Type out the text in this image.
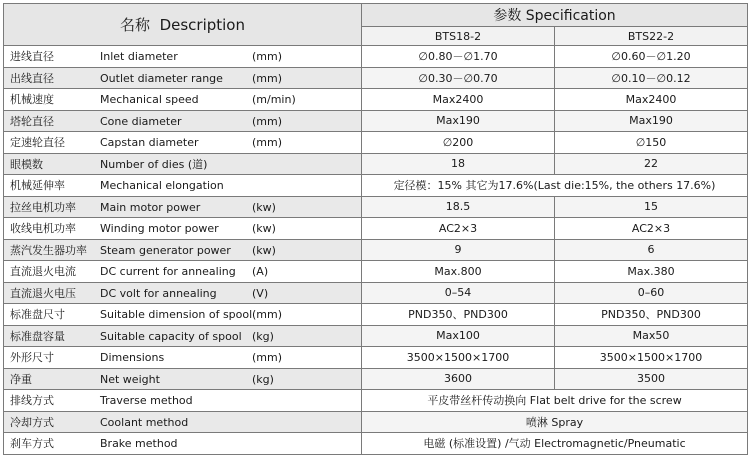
名称 Description	参数 Specification	
	BTS18-2	BTS22-2
进线直径 Inlet diameter (mm)	∅0.80－∅1.70	∅0.60－∅1.20
出线直径 Outlet diameter range (mm)	∅0.30－∅0.70	∅0.10－∅0.12
机械速度 Mechanical speed (m/min)	Max2400	Max2400
塔轮直径 Cone diameter (mm)	Max190	Max190
定速轮直径 Capstan diameter (mm)	∅200	∅150
眼模数 Number of dies (道)	18	22
机械延伸率 Mechanical elongation	定径模：15% 其它为17.6%(Last die:15%, the others 17.6%)	
拉丝电机功率 Main motor power (kw)	18.5	15
收线电机功率 Winding motor power (kw)	AC2×3	AC2×3
蒸汽发生器功率 Steam generator power (kw)	9	6
直流退火电流 DC current for annealing (A)	Max.800	Max.380
直流退火电压 DC volt for annealing (V)	0–54	0–60
标准盘尺寸 Suitable dimension of spool(mm)	PND350、PND300	PND350、PND300
标准盘容量 Suitable capacity of spool (kg)	Max100	Max50
外形尺寸 Dimensions (mm)	3500×1500×1700	3500×1500×1700
净重 Net weight (kg)	3600	3500
排线方式 Traverse method	平皮带丝杆传动换向 Flat belt drive for the screw	
冷却方式 Coolant method	喷淋 Spray	
刹车方式 Brake method	电磁 (标准设置) /气动 Electromagnetic/Pneumatic	
